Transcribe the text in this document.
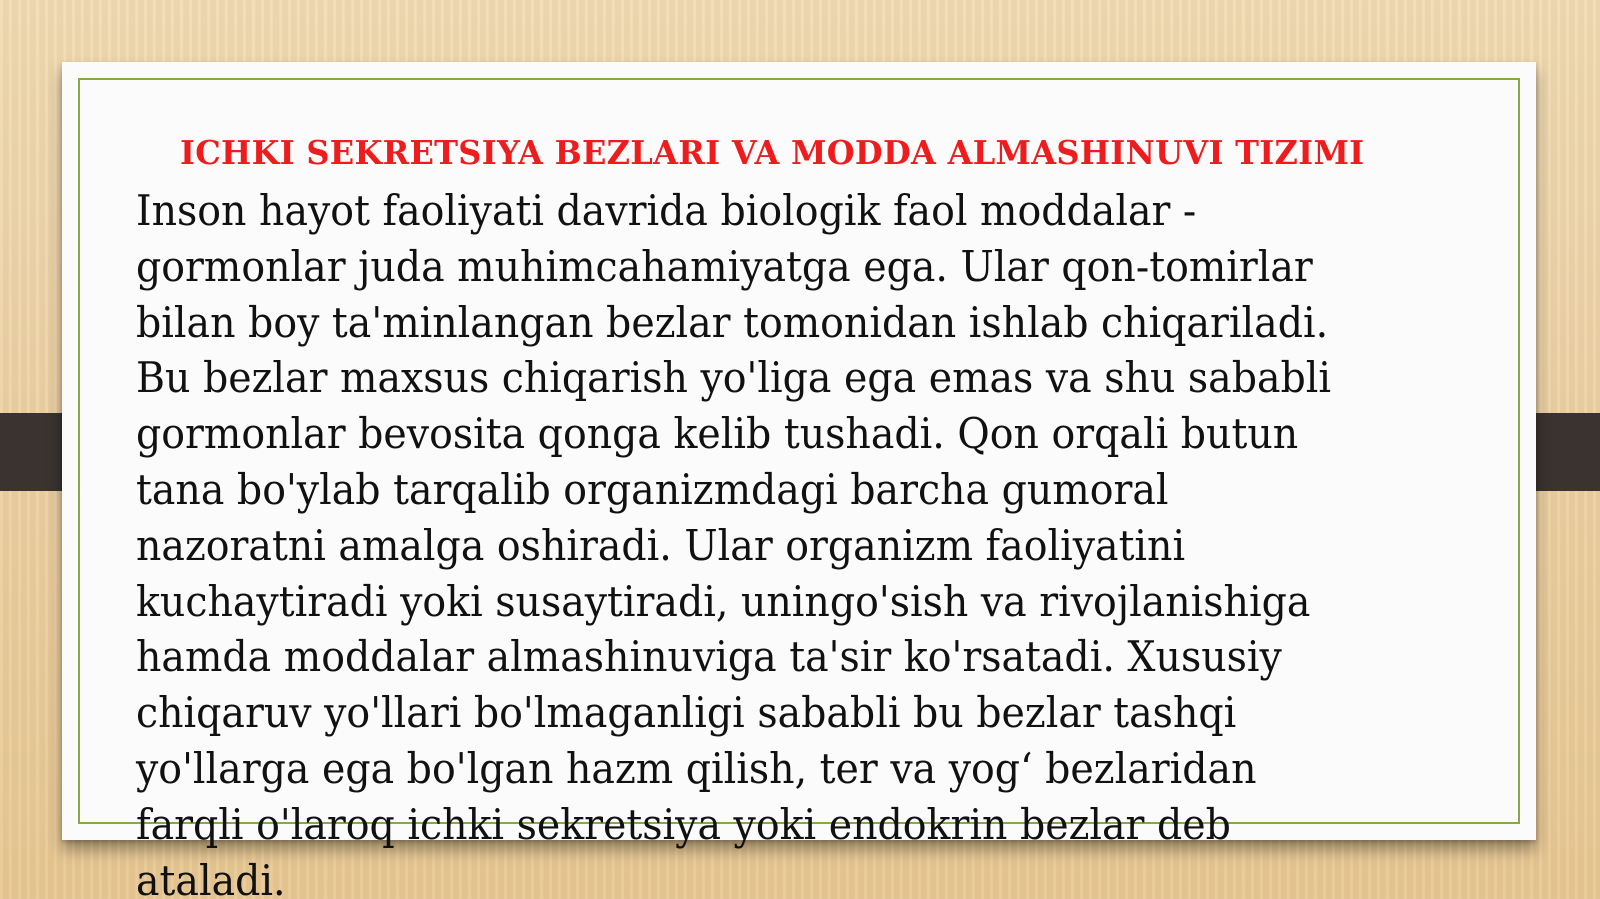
ICHKI SEKRETSIYA BEZLARI VA MODDA ALMASHINUVI TIZIMI

Inson hayot faoliyati davrida biologik faol moddalar -
gormonlar juda muhimcahamiyatga ega. Ular qon-tomirlar
bilan boy ta'minlangan bezlar tomonidan ishlab chiqariladi.
Bu bezlar maxsus chiqarish yo'liga ega emas va shu sababli
gormonlar bevosita qonga kelib tushadi. Qon orqali butun
tana bo'ylab tarqalib organizmdagi barcha gumoral
nazoratni amalga oshiradi. Ular organizm faoliyatini
kuchaytiradi yoki susaytiradi, uningo'sish va rivojlanishiga
hamda moddalar almashinuviga ta'sir ko'rsatadi. Xususiy
chiqaruv yo'llari bo'lmaganligi sababli bu bezlar tashqi
yo'llarga ega bo'lgan hazm qilish, ter va yog‘ bezlaridan
farqli o'laroq ichki sekretsiya yoki endokrin bezlar deb
ataladi.
